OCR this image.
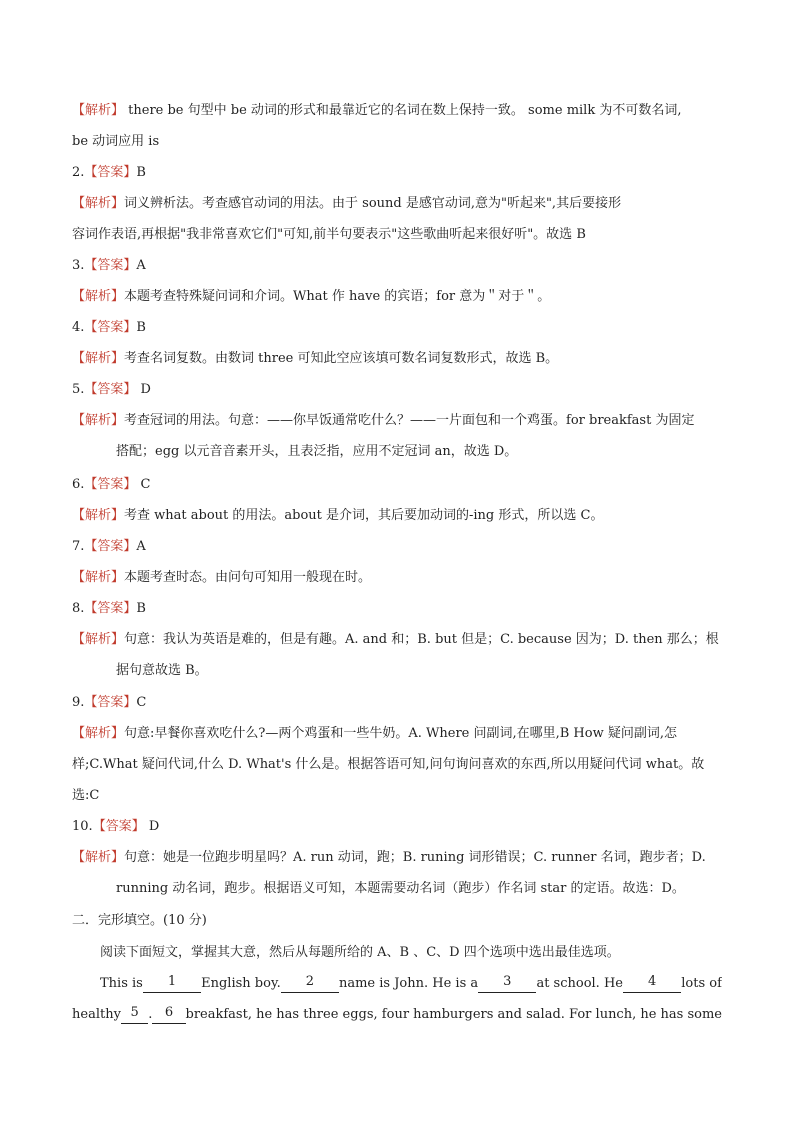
【解析】 there be 句型中 be 动词的形式和最靠近它的名词在数上保持一致。 some milk 为不可数名词,
be 动词应用 is
2.【答案】B
【解析】词义辨析法。考查感官动词的用法。由于 sound 是感官动词,意为"听起来",其后要接形
容词作表语,再根据"我非常喜欢它们"可知,前半句要表示"这些歌曲听起来很好听"。故选 B
3.【答案】A
【解析】本题考查特殊疑问词和介词。What 作 have 的宾语；for 意为＂对于＂。
4.【答案】B
【解析】考查名词复数。由数词 three 可知此空应该填可数名词复数形式，故选 B。
5.【答案】 D
【解析】考查冠词的用法。句意：——你早饭通常吃什么？——一片面包和一个鸡蛋。for breakfast 为固定
搭配；egg 以元音音素开头，且表泛指，应用不定冠词 an，故选 D。
6.【答案】 C
【解析】考查 what about 的用法。about 是介词，其后要加动词的-ing 形式，所以选 C。
7.【答案】A
【解析】本题考查时态。由问句可知用一般现在时。
8.【答案】B
【解析】句意：我认为英语是难的，但是有趣。A. and 和；B. but 但是；C. because 因为；D. then 那么；根
据句意故选 B。
9.【答案】C
【解析】句意:早餐你喜欢吃什么?—两个鸡蛋和一些牛奶。A. Where 问副词,在哪里,B How 疑问副词,怎
样;C.What 疑问代词,什么 D. What's 什么是。根据答语可知,问句询问喜欢的东西,所以用疑问代词 what。故
选:C
10.【答案】 D
【解析】句意：她是一位跑步明星吗？A. run 动词，跑；B. runing 词形错误；C. runner 名词，跑步者；D.
running 动名词，跑步。根据语义可知，本题需要动名词（跑步）作名词 star 的定语。故选：D。
二．完形填空。(10 分)
阅读下面短文，掌握其大意，然后从每题所给的 A、B 、C、D 四个选项中选出最佳选项。
This is	1	English boy.	2	name is John. He is a	3	at school. He	4	lots of
healthy 5 . 6 breakfast, he has three eggs, four hamburgers and salad. For lunch, he has some
